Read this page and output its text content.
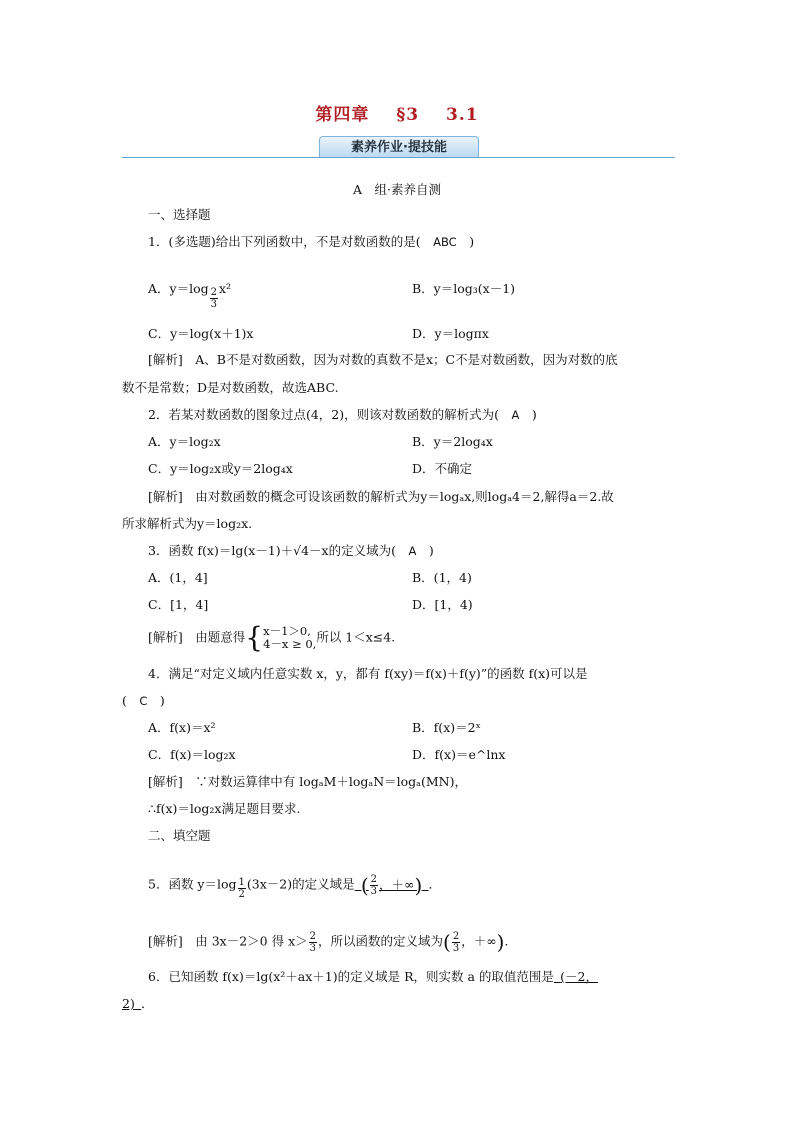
第四章 §3 3.1
素养作业·提技能
A　组·素养自测
一、选择题
1．(多选题)给出下列函数中，不是对数函数的是(　ABC　)
A．$y=\log \frac{2}{3} x^2$	B．y＝log₃(x－1)
C．y＝log(x＋1)x	D．y＝logπx
[解析]　A、B不是对数函数，因为对数的真数不是x；C不是对数函数，因为对数的底
数不是常数；D是对数函数，故选ABC.
2．若某对数函数的图象过点(4，2)，则该对数函数的解析式为(　A　)
A．y＝log₂x	B．y＝2log₄x
C．y＝log₂x或y＝2log₄x	D．不确定
[解析]　由对数函数的概念可设该函数的解析式为y＝logₐx,则logₐ4＝2,解得a＝2.故
所求解析式为y＝log₂x.
3．函数 f(x)＝lg(x－1)＋√4－x的定义域为(　A　)
A．(1，4]	B．(1，4)
C．[1，4]	D．[1，4)
[解析]　由题意得{ x－1＞0,
4－x ≥ 0, 所以 1＜x≤4.
4．满足“对定义域内任意实数 x，y，都有 f(xy)＝f(x)＋f(y)”的函数 f(x)可以是
(　C　)
A．f(x)＝x²	B．f(x)＝2ˣ
C．f(x)＝log₂x	D．f(x)＝e^lnx
[解析]　∵对数运算律中有 logₐM＋logₐN＝logₐ(MN)，
∴f(x)＝log₂x满足题目要求.
二、填空题
5．函数 $y=\log \frac{1}{2} (3x-2)$的定义域是  ( $\frac{2}{3}$ ，＋∞)  ．
[解析]　由 3x－2＞0 得 $x> \frac{2}{3}$ ，所以函数的定义域为( $\frac{2}{3}$ ，＋∞).
6．已知函数 f(x)＝lg(x²＋ax＋1)的定义域是 R，则实数 a 的取值范围是  (－2，
2)  ．
